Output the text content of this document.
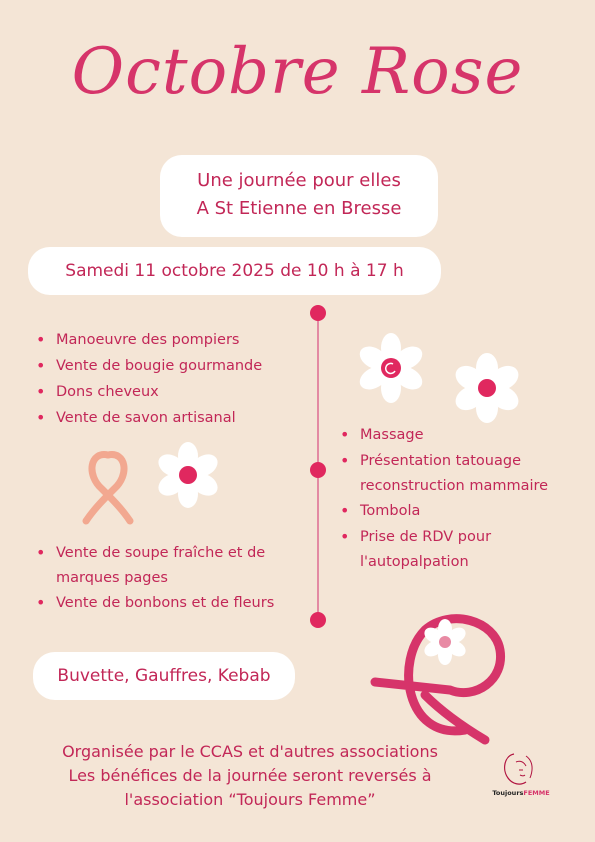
Octobre Rose
Une journée pour elles
A St Etienne en Bresse
Samedi 11 octobre 2025 de 10 h à 17 h
• Manoeuvre des pompiers
• Vente de bougie gourmande
• Dons cheveux
• Vente de savon artisanal
• Massage
• Présentation tatouage
reconstruction mammaire
• Tombola
• Prise de RDV pour
l'autopalpation
• Vente de soupe fraîche et de
marques pages
• Vente de bonbons et de fleurs
Buvette, Gauffres, Kebab
Organisée par le CCAS et d'autres associations
Les bénéfices de la journée seront reversés à
l'association “Toujours Femme”	ToujoursFEMME
